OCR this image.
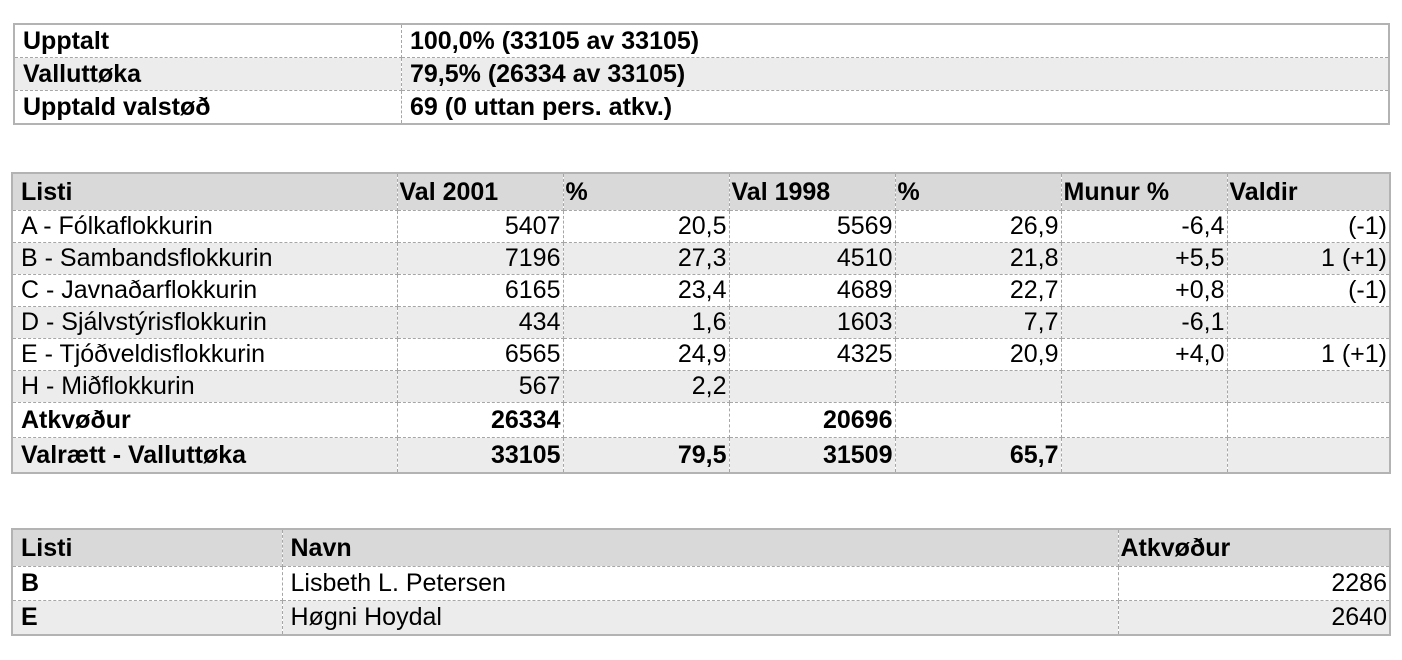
Upptalt	100,0% (33105 av 33105)
Valluttøka	79,5% (26334 av 33105)
Upptald valstøð	69 (0 uttan pers. atkv.)
Listi	Val 2001	%	Val 1998	%	Munur %	Valdir
A - Fólkaflokkurin	5407	20,5	5569	26,9	-6,4	(-1)
B - Sambandsflokkurin	7196	27,3	4510	21,8	+5,5	1 (+1)
C - Javnaðarflokkurin	6165	23,4	4689	22,7	+0,8	(-1)
D - Sjálvstýrisflokkurin	434	1,6	1603	7,7	-6,1	
E - Tjóðveldisflokkurin	6565	24,9	4325	20,9	+4,0	1 (+1)
H - Miðflokkurin	567	2,2				
Atkvøður	26334		20696			
Valrætt - Valluttøka	33105	79,5	31509	65,7		
Listi	Navn	Atkvøður
B	Lisbeth L. Petersen	2286
E	Høgni Hoydal	2640
